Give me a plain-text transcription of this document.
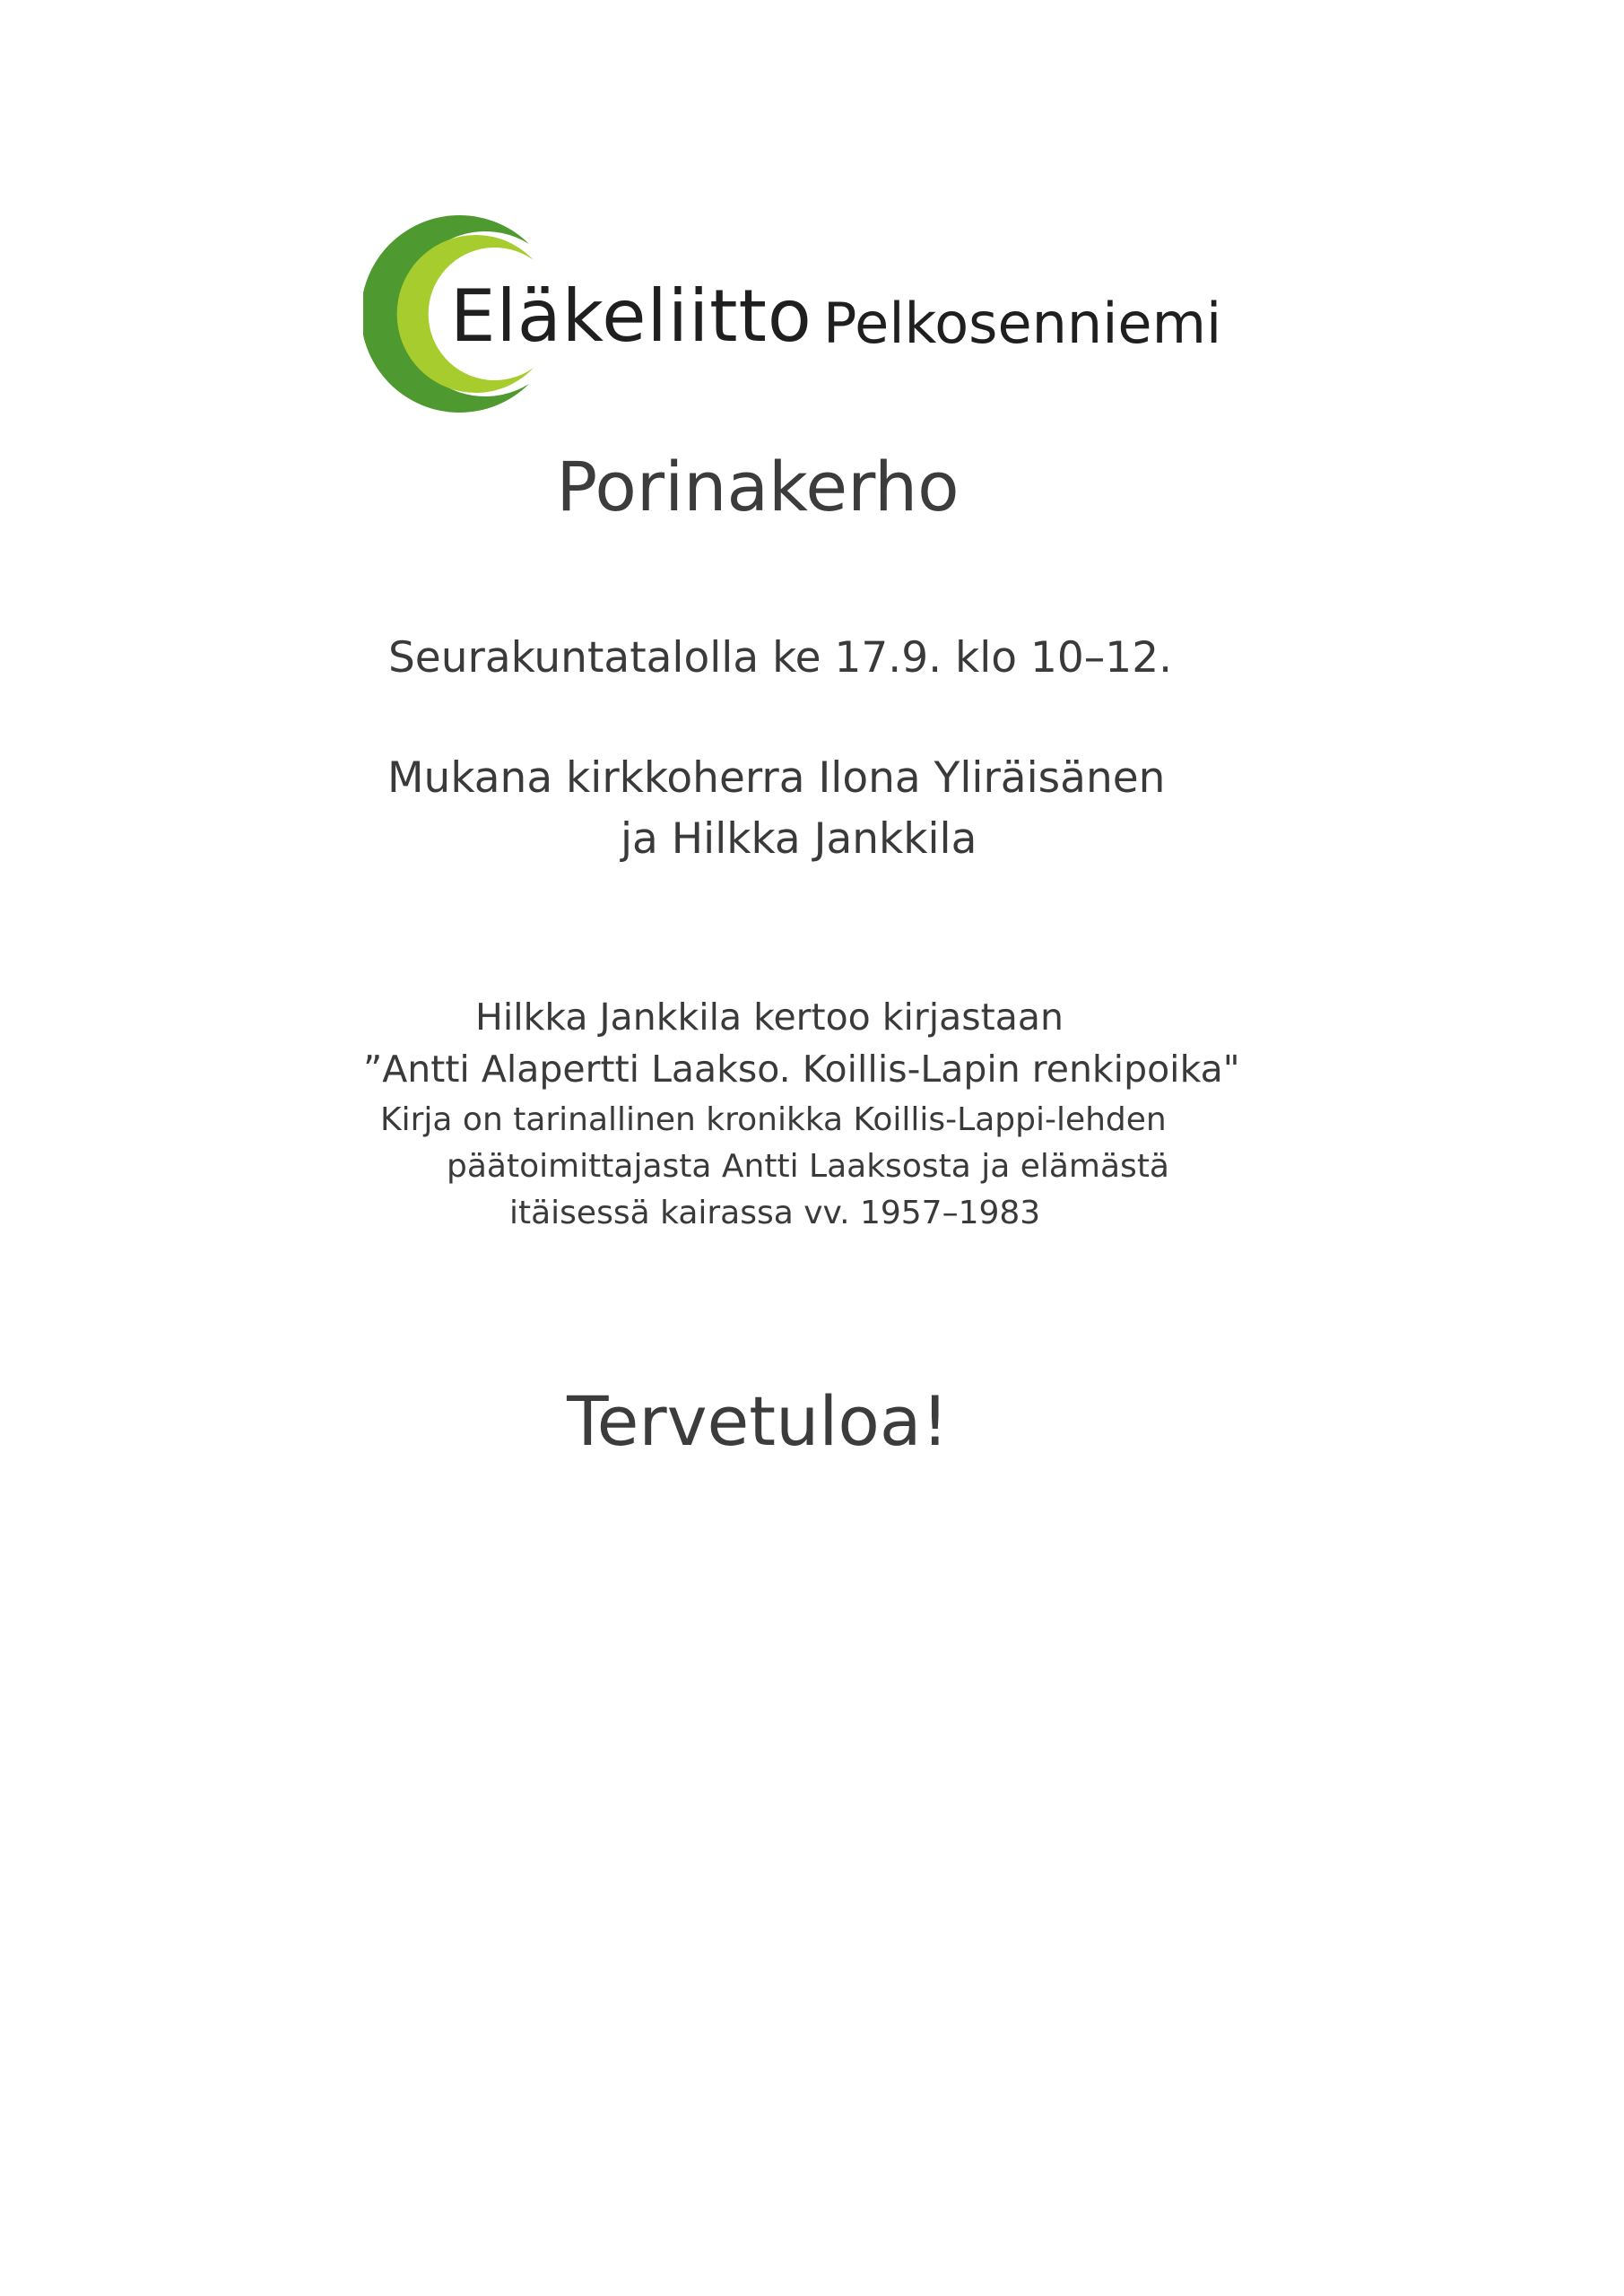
Eläkeliitto Pelkosenniemi

Porinakerho

Seurakuntatalolla ke 17.9. klo 10–12.

Mukana kirkkoherra Ilona Yliräisänen

ja Hilkka Jankkila

Hilkka Jankkila kertoo kirjastaan

”Antti Alapertti Laakso. Koillis-Lapin renkipoika"

Kirja on tarinallinen kronikka Koillis-Lappi-lehden

päätoimittajasta Antti Laaksosta ja elämästä

itäisessä kairassa vv. 1957–1983

Tervetuloa!
